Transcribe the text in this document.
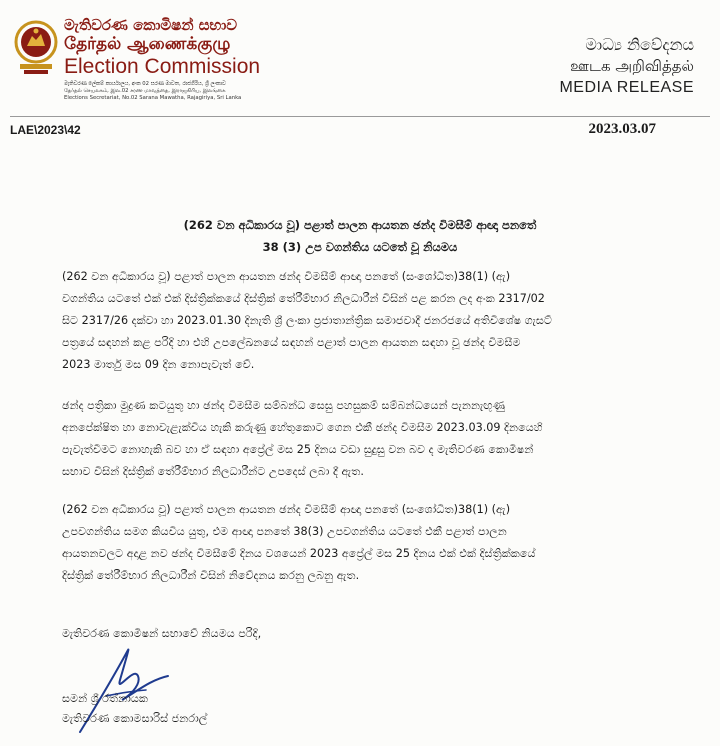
මැතිවරණ කොමිෂන් සභාව
தேர்தல் ஆணைக்குழு
Election Commission
මැතිවරණ ලේකම් කාර්යාලය, අංක 02 සරණ මාවත, රාජගිරිය, ශ්‍රී ලංකාව
தேர்தல் செயலகம், இல.02 சரண மாவத்தை, இராஜகிரிய, இலங்கை
Elections Secretariat, No.02 Sarana Mawatha, Rajagiriya, Sri Lanka
මාධ්‍ය නිවේදනය
ஊடக அறிவித்தல்
MEDIA RELEASE
LAE\2023\42	2023.03.07
(262 වන අධිකාරය වූ) පළාත් පාලන ආයතන ඡන්ද විමසීම් ආඥා පනතේ
38 (3) උප වගන්තිය යටතේ වූ නියමය
(262 වන අධිකාරය වූ) පළාත් පාලන ආයතන ඡන්ද විමසීම් ආඥා පනතේ (සංශෝධිත)38(1) (ඇ)
වගන්තිය යටතේ එක් එක් දිස්ත්‍රික්කයේ දිස්ත්‍රික් තේරීම්භාර නිලධාරීන් විසින් පළ කරන ලද අංක 2317/02
සිට 2317/26 දක්වා හා 2023.01.30 දිනැති ශ්‍රී ලංකා ප්‍රජාතාන්ත්‍රික සමාජවාදී ජනරජයේ අතිවිශේෂ ගැසට්
පත්‍රයේ සඳහන් කළ පරිදි හා එහි උපලේඛනයේ සඳහන් පළාත් පාලන ආයතන සඳහා වූ ඡන්ද විමසීම
2023 මාර්තු මස 09 දින නොපැවැත් වේ.
ඡන්ද පත්‍රිකා මුද්‍රණ කටයුතු හා ඡන්ද විමසීම සම්බන්ධ සෙසු පහසුකම් සම්බන්ධයෙන් පැනනැඟුණු
අනපේක්ෂිත හා නොවැළැක්විය හැකි කරුණු හේතුකොට ගෙන එකී ඡන්ද විමසීම 2023.03.09 දිනයෙහි
පැවැත්වීමට නොහැකි බව හා ඒ සඳහා අප්‍රේල් මස 25 දිනය වඩා සුදුසු වන බව ද මැතිවරණ කොමිෂන්
සභාව විසින් දිස්ත්‍රික් තේරීම්භාර නිලධාරීන්ට උපදෙස් ලබා දී ඇත.
(262 වන අධිකාරය වූ) පළාත් පාලන ආයතන ඡන්ද විමසීම් ආඥා පනතේ (සංශෝධිත)38(1) (ඇ)
උපවගන්තිය සමග කියවිය යුතු, එම ආඥා පනතේ 38(3) උපවගන්තිය යටතේ එකී පළාත් පාලන
ආයතනවලට අදාළ නව ඡන්ද විමසීමේ දිනය වශයෙන් 2023 අප්‍රේල් මස 25 දිනය එක් එක් දිස්ත්‍රික්කයේ
දිස්ත්‍රික් තේරීම්භාර නිලධාරීන් විසින් නිවේදනය කරනු ලබනු ඇත.
මැතිවරණ කොමිෂන් සභාවේ නියමය පරිදි,
සමන් ශ්‍රී රත්නායක
මැතිවරණ කොමසාරිස් ජනරාල්
